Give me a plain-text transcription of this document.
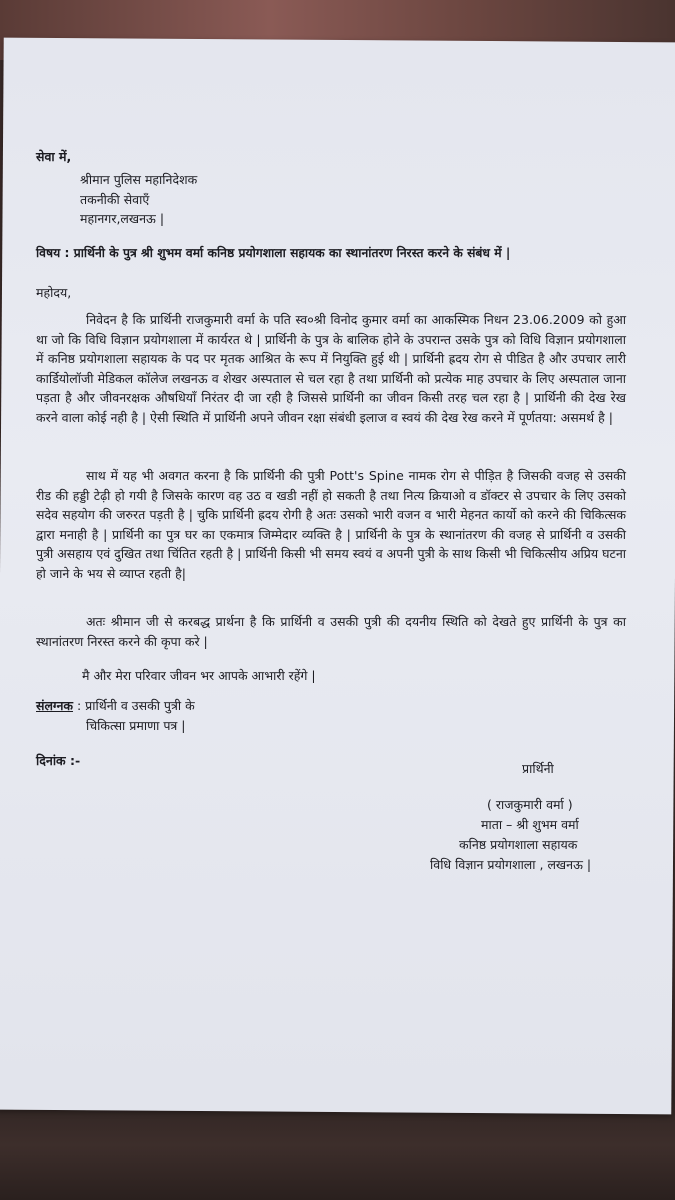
सेवा में,
श्रीमान पुलिस महानिदेशक
तकनीकी सेवाएँ
महानगर,लखनऊ |
विषय : प्रार्थिनी के पुत्र श्री शुभम वर्मा कनिष्ठ प्रयोगशाला सहायक का स्थानांतरण निरस्त करने के संबंध में |
महोदय,
निवेदन है कि प्रार्थिनी राजकुमारी वर्मा के पति स्व०श्री विनोद कुमार वर्मा का आकस्मिक निधन 23.06.2009 को हुआ था जो कि विधि विज्ञान प्रयोगशाला में कार्यरत थे | प्रार्थिनी के पुत्र के बालिक होने के उपरान्त उसके पुत्र को विधि विज्ञान प्रयोगशाला में कनिष्ठ प्रयोगशाला सहायक के पद पर मृतक आश्रित के रूप में नियुक्ति हुई थी | प्रार्थिनी ह्रदय रोग से पीडित है और उपचार लारी कार्डियोलॉजी मेडिकल कॉलेज लखनऊ व शेखर अस्पताल से चल रहा है तथा प्रार्थिनी को प्रत्येक माह उपचार के लिए अस्पताल जाना पड़ता है और जीवनरक्षक औषधियाँ निरंतर दी जा रही है जिससे प्रार्थिनी का जीवन किसी तरह चल रहा है | प्रार्थिनी की देख रेख करने वाला कोई नही है | ऐसी स्थिति में प्रार्थिनी अपने जीवन रक्षा संबंधी इलाज व स्वयं की देख रेख करने में पूर्णतया: असमर्थ है |
साथ में यह भी अवगत करना है कि प्रार्थिनी की पुत्री Pott's Spine नामक रोग से पीड़ित है जिसकी वजह से उसकी रीड की हड्डी टेढ़ी हो गयी है जिसके कारण वह उठ व खडी नहीं हो सकती है तथा नित्य क्रियाओ व डॉक्टर से उपचार के लिए उसको सदेव सहयोग की जरुरत पड़ती है | चुकि प्रार्थिनी ह्रदय रोगी है अतः उसको भारी वजन व भारी मेहनत कार्यो को करने की चिकित्सक द्वारा मनाही है | प्रार्थिनी का पुत्र घर का एकमात्र जिम्मेदार व्यक्ति है | प्रार्थिनी के पुत्र के स्थानांतरण की वजह से प्रार्थिनी व उसकी पुत्री असहाय एवं दुखित तथा चिंतित रहती है | प्रार्थिनी किसी भी समय स्वयं व अपनी पुत्री के साथ किसी भी चिकित्सीय अप्रिय घटना हो जाने के भय से व्याप्त रहती है|
अतः श्रीमान जी से करबद्ध प्रार्थना है कि प्रार्थिनी व उसकी पुत्री की दयनीय स्थिति को देखते हुए प्रार्थिनी के पुत्र का स्थानांतरण निरस्त करने की कृपा करे |
मै और मेरा परिवार जीवन भर आपके आभारी रहेंगे |
संलग्नक : प्रार्थिनी व उसकी पुत्री के
चिकित्सा प्रमाणा पत्र |
दिनांक :-
प्रार्थिनी
( राजकुमारी वर्मा )
माता – श्री शुभम वर्मा
कनिष्ठ प्रयोगशाला सहायक
विधि विज्ञान प्रयोगशाला , लखनऊ |
